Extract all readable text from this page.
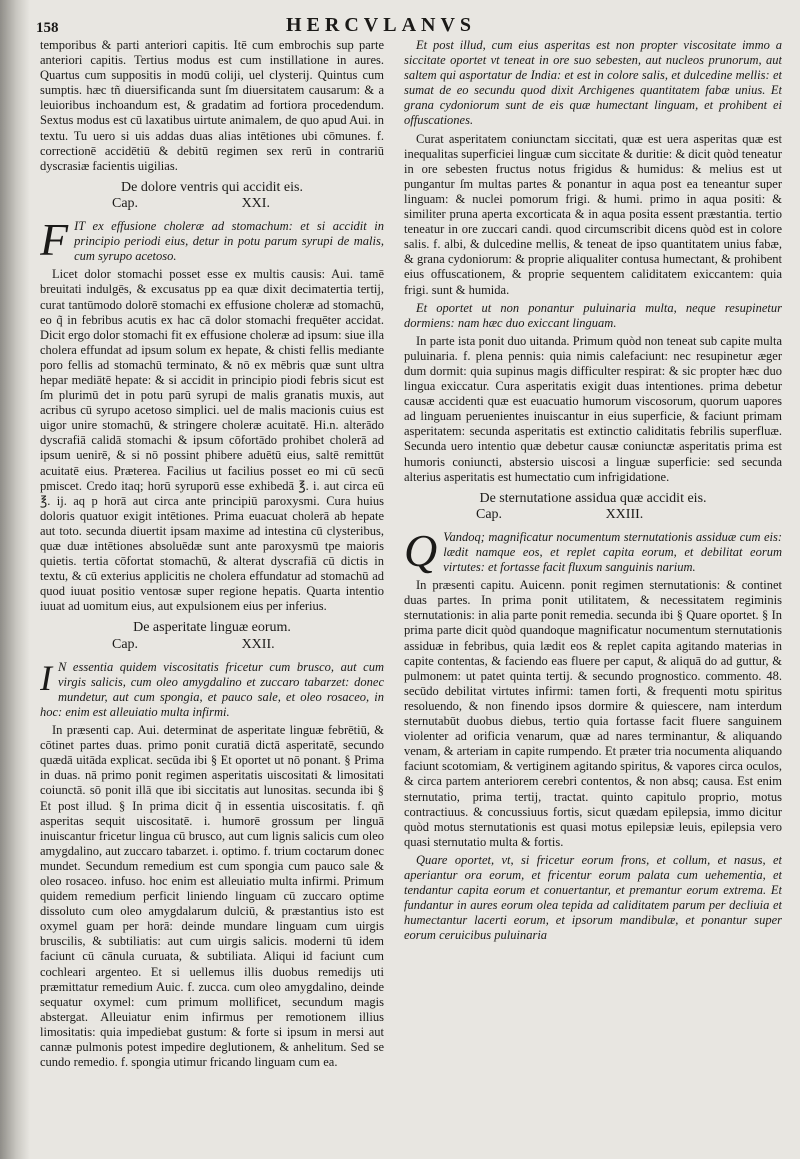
158	HERCVLANVS

temporibus & parti anteriori capitis. Itē cum embrochis sup parte anteriori capitis. Tertius modus est cum instillatione in aures. Quartus cum suppositis in modū coliji, uel clysterij. Quintus cum sumptis. hæc tñ diuersificanda sunt ſm diuersitatem causarum: & a leuioribus inchoandum est, & gradatim ad fortiora procedendum. Sextus modus est cū laxatibus uirtute animalem, de quo apud Aui. in textu. Tu uero si uis addas duas alias intētiones ubi cōmunes. f. correctionē accidētiū & debitū regimen sex rerū in contrariū dyscrasiæ facientis uigilias.

De dolore ventris qui accidit eis.
Cap.	XXI.

F IT ex effusione choleræ ad stomachum: et si accidit in principio periodi eius, detur in potu parum syrupi de malis, cum syrupo acetoso.

Licet dolor stomachi posset esse ex multis causis: Aui. tamē breuitati indulgēs, & excusatus pp ea quæ dixit decimatertia tertij, curat tantūmodo dolorē stomachi ex effusione choleræ ad stomachū, eo q̃ in febribus acutis ex hac cā dolor stomachi frequēter accidat. Dicit ergo dolor stomachi fit ex effusione choleræ ad ipsum: siue illa cholera effundat ad ipsum solum ex hepate, & chisti fellis mediante poro fellis ad stomachū terminato, & nō ex mēbris quæ sunt ultra hepar mediātē hepate: & si accidit in principio piodi febris sicut est ſm plurimū det in potu parū syrupi de malis granatis muxis, aut acribus cū syrupo acetoso simplici. uel de malis macionis cuius est uigor unire stomachū, & stringere choleræ acuitatē. Hi.n. alterādo dyscrafiā calidā stomachi & ipsum cōfortādo prohibet cholerā ad ipsum uenirē, & si nō possint phibere aduētū eius, saltē remittūt acuitatē eius. Præterea. Facilius ut facilius posset eo mi cū secū pmiscet. Credo itaq; horū syruporū esse exhibedā ℥. i. aut circa eū ℥. ij. aq p horā aut circa ante principiū paroxysmi. Cura huius doloris quatuor exigit intētiones. Prima euacuat cholerā ab hepate aut toto. secunda diuertit ipsam maxime ad intestina cū clysteribus, quæ duæ intētiones absoluēdæ sunt ante paroxysmū tpe maioris quietis. tertia cōfortat stomachū, & alterat dyscrafiā cū dictis in textu, & cū exterius applicitis ne cholera effundatur ad stomachū ad quod iuuat positio ventosæ super regione hepatis. Quarta intentio iuuat ad uomitum eius, aut expulsionem eius per inferius.

De asperitate linguæ eorum.
Cap.	XXII.

I N essentia quidem viscositatis fricetur cum brusco, aut cum virgis salicis, cum oleo amygdalino et zuccaro tabarzet: donec mundetur, aut cum spongia, et pauco sale, et oleo rosaceo, in hoc: enim est alleuiatio multa infirmi.

In præsenti cap. Aui. determinat de asperitate linguæ febrētiū, & cōtinet partes duas. primo ponit curatiā dictā asperitatē, secundo quædā uitāda explicat. secūda ibi § Et oportet ut nō ponant. § Prima in duas. nā primo ponit regimen asperitatis uiscositati & limositati coiunctā. sō ponit illā que ibi siccitatis aut lunositas. secunda ibi § Et post illud. § In prima dicit q̃ in essentia uiscositatis. f. qñ asperitas sequit uiscositatē. i. humorē grossum per linguā inuiscantur fricetur lingua cū brusco, aut cum lignis salicis cum oleo amygdalino, aut zuccaro tabarzet. i. optimo. f. trium coctarum donec mundet. Secundum remedium est cum spongia cum pauco sale & oleo rosaceo. infuso. hoc enim est alleuiatio multa infirmi. Primum quidem remedium perficit liniendo linguam cū zuccaro optime dissoluto cum oleo amygdalarum dulciū, & præstantius isto est oxymel guam per horā: deinde mundare linguam cum uirgis bruscilis, & subtiliatis: aut cum uirgis salicis. moderni tū idem faciunt cū cānula curuata, & subtiliata. Aliqui id faciunt cum cochleari argenteo. Et si uellemus illis duobus remedijs uti præmittatur remedium Auic. f. zucca. cum oleo amygdalino, deinde sequatur oxymel: cum primum mollificet, secundum magis abstergat. Alleuiatur enim infirmus per remotionem illius limositatis: quia impediebat gustum: & forte si ipsum in mersi aut cannæ pulmonis potest impedire deglutionem, & anhelitum. Sed se cundo remedio. f. spongia utimur fricando linguam cum ea.

Et post illud, cum eius asperitas est non propter viscositate immo a siccitate oportet vt teneat in ore suo sebesten, aut nucleos prunorum, aut saltem qui asportatur de India: et est in colore salis, et dulcedine mellis: et sumat de eo secundu quod dixit Archigenes quantitatem fabæ unius. Et grana cydoniorum sunt de eis quæ humectant linguam, et prohibent ei offuscationes.

Curat asperitatem coniunctam siccitati, quæ est uera asperitas quæ est inequalitas superficiei linguæ cum siccitate & duritie: & dicit quòd teneatur in ore sebesten fructus notus frigidus & humidus: & melius est ut pungantur ſm multas partes & ponantur in aqua post ea teneantur super linguam: & nuclei pomorum frigi. & humi. primo in aqua positi: & similiter pruna aperta excorticata & in aqua posita essent præstantia. tertio teneatur in ore zuccari candi. quod circumscribit dicens quòd est in colore salis. f. albi, & dulcedine mellis, & teneat de ipso quantitatem unius fabæ, & grana cydoniorum: & proprie aliqualiter contusa humectant, & prohibent eius offuscationem, & proprie sequentem caliditatem exiccantem: quia frigi. sunt & humida.

Et oportet ut non ponantur puluinaria multa, neque resupinetur dormiens: nam hæc duo exiccant linguam.

In parte ista ponit duo uitanda. Primum quòd non teneat sub capite multa puluinaria. f. plena pennis: quia nimis calefaciunt: nec resupinetur æger dum dormit: quia supinus magis difficulter respirat: & sic propter hæc duo lingua exiccatur. Cura asperitatis exigit duas intentiones. prima debetur causæ accidenti quæ est euacuatio humorum viscosorum, quorum uapores ad linguam peruenientes inuiscantur in eius superficie, & faciunt primam asperitatem: secunda asperitatis est extinctio caliditatis febrilis superfluæ. Secunda uero intentio quæ debetur causæ coniunctæ asperitatis prima est humoris coniuncti, abstersio uiscosi a linguæ superficie: sed secunda alterius asperitatis est humectatio cum infrigidatione.

De sternutatione assidua quæ accidit eis.
Cap.	XXIII.

Q Vandoq; magnificatur nocumentum sternutationis assiduæ cum eis: lædit namque eos, et replet capita eorum, et debilitat eorum virtutes: et fortasse facit fluxum sanguinis narium.

In præsenti capitu. Auicenn. ponit regimen sternutationis: & continet duas partes. In prima ponit utilitatem, & necessitatem regiminis sternutationis: in alia parte ponit remedia. secunda ibi § Quare oportet. § In prima parte dicit quòd quandoque magnificatur nocumentum sternutationis assiduæ in febribus, quia lædit eos & replet capita agitando materias in capite contentas, & faciendo eas fluere per caput, & aliquā do ad guttur, & pulmonem: ut patet quinta tertij. & secundo prognostico. commento. 48. secūdo debilitat virtutes infirmi: tamen forti, & frequenti motu spiritus resoluendo, & non finendo ipsos dormire & quiescere, nam interdum sternutabūt duobus diebus, tertio quia fortasse facit fluere sanguinem violenter ad orificia venarum, quæ ad nares terminantur, & aliquando venam, & arteriam in capite rumpendo. Et præter tria nocumenta aliquando faciunt scotomiam, & vertiginem agitando spiritus, & vapores circa oculos, & circa partem anteriorem cerebri contentos, & non absq; causa. Est enim sternutatio, prima tertij, tractat. quinto capitulo proprio, motus contractiuus. & concussiuus fortis, sicut quædam epilepsia, immo dicitur quòd motus sternutationis est quasi motus epilepsiæ leuis, epilepsia vero quasi sternutatio multa & fortis.

Quare oportet, vt, si fricetur eorum frons, et collum, et nasus, et aperiantur ora eorum, et fricentur eorum palata cum uehementia, et tendantur capita eorum et conuertantur, et premantur eorum extrema. Et fundantur in aures eorum olea tepida ad caliditatem parum per decliuia et humectantur lacerti eorum, et ipsorum mandibulæ, et ponantur super eorum ceruicibus puluinaria
